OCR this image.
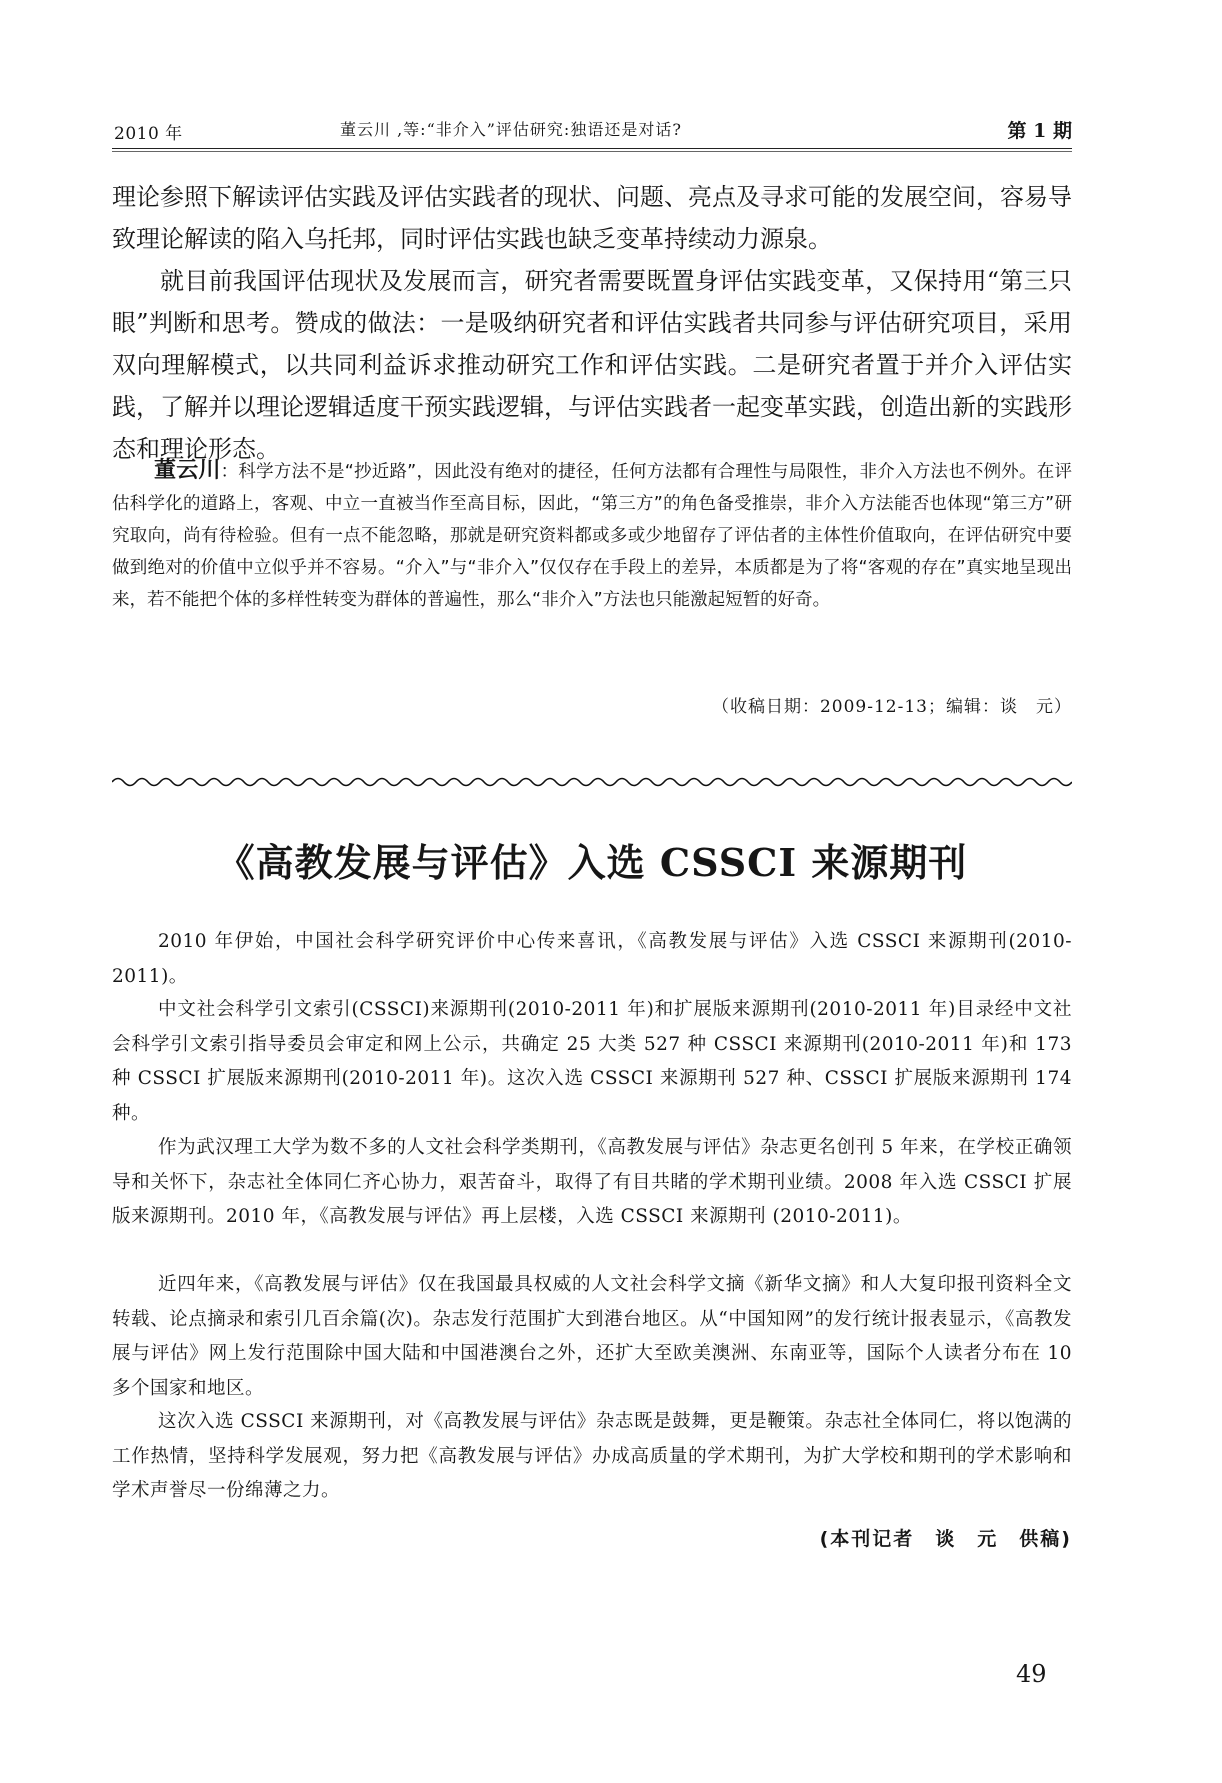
2010 年	董云川 ,等:“非介入”评估研究:独语还是对话?	第 1 期
理论参照下解读评估实践及评估实践者的现状、问题、亮点及寻求可能的发展空间，容易导致理论解读的陷入乌托邦，同时评估实践也缺乏变革持续动力源泉。
就目前我国评估现状及发展而言，研究者需要既置身评估实践变革，又保持用“第三只眼”判断和思考。赞成的做法：一是吸纳研究者和评估实践者共同参与评估研究项目，采用双向理解模式，以共同利益诉求推动研究工作和评估实践。二是研究者置于并介入评估实践，了解并以理论逻辑适度干预实践逻辑，与评估实践者一起变革实践，创造出新的实践形态和理论形态。
董云川：科学方法不是“抄近路”，因此没有绝对的捷径，任何方法都有合理性与局限性，非介入方法也不例外。在评估科学化的道路上，客观、中立一直被当作至高目标，因此，“第三方”的角色备受推崇，非介入方法能否也体现“第三方”研究取向，尚有待检验。但有一点不能忽略，那就是研究资料都或多或少地留存了评估者的主体性价值取向，在评估研究中要做到绝对的价值中立似乎并不容易。“介入”与“非介入”仅仅存在手段上的差异，本质都是为了将“客观的存在”真实地呈现出来，若不能把个体的多样性转变为群体的普遍性，那么“非介入”方法也只能激起短暂的好奇。
（收稿日期：2009-12-13；编辑：谈　元）
《高教发展与评估》入选 CSSCI 来源期刊
2010 年伊始，中国社会科学研究评价中心传来喜讯，《高教发展与评估》入选 CSSCI 来源期刊(2010-2011)。
中文社会科学引文索引(CSSCI)来源期刊(2010-2011 年)和扩展版来源期刊(2010-2011 年)目录经中文社会科学引文索引指导委员会审定和网上公示，共确定 25 大类 527 种 CSSCI 来源期刊(2010-2011 年)和 173 种 CSSCI 扩展版来源期刊(2010-2011 年)。这次入选 CSSCI 来源期刊 527 种、CSSCI 扩展版来源期刊 174 种。
作为武汉理工大学为数不多的人文社会科学类期刊，《高教发展与评估》杂志更名创刊 5 年来，在学校正确领导和关怀下，杂志社全体同仁齐心协力，艰苦奋斗，取得了有目共睹的学术期刊业绩。2008 年入选 CSSCI 扩展版来源期刊。2010 年，《高教发展与评估》再上层楼，入选 CSSCI 来源期刊 (2010-2011)。
近四年来，《高教发展与评估》仅在我国最具权威的人文社会科学文摘《新华文摘》和人大复印报刊资料全文转载、论点摘录和索引几百余篇(次)。杂志发行范围扩大到港台地区。从“中国知网”的发行统计报表显示，《高教发展与评估》网上发行范围除中国大陆和中国港澳台之外，还扩大至欧美澳洲、东南亚等，国际个人读者分布在 10 多个国家和地区。
这次入选 CSSCI 来源期刊，对《高教发展与评估》杂志既是鼓舞，更是鞭策。杂志社全体同仁，将以饱满的工作热情，坚持科学发展观，努力把《高教发展与评估》办成高质量的学术期刊，为扩大学校和期刊的学术影响和学术声誉尽一份绵薄之力。
(本刊记者　谈　元　供稿)
49
